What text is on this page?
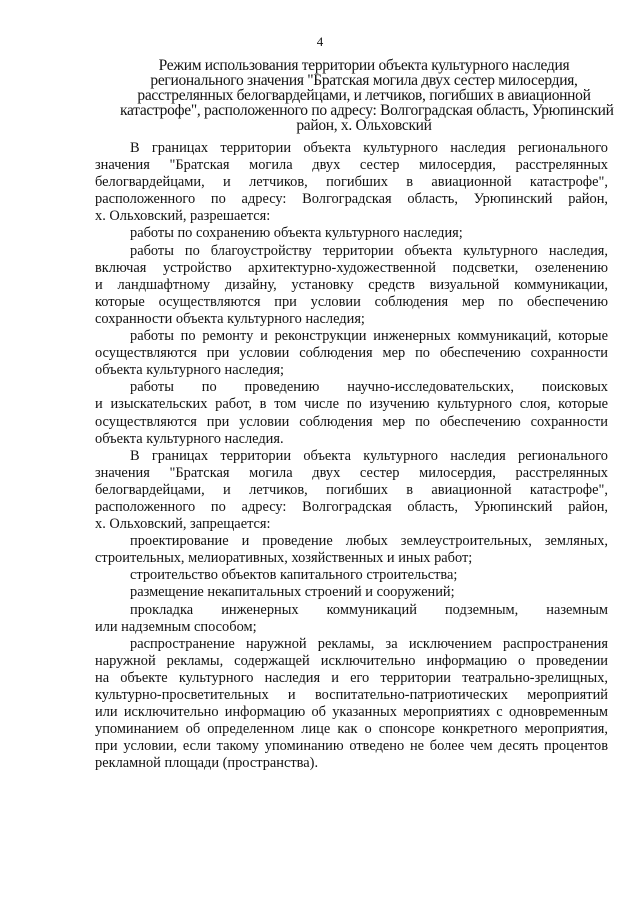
4
Режим использования территории объекта культурного наследия
регионального значения "Братская могила двух сестер милосердия,
расстрелянных белогвардейцами, и летчиков, погибших в авиационной
катастрофе", расположенного по адресу: Волгоградская область, Урюпинский
район, х. Ольховский
В границах территории объекта культурного наследия регионального
значения "Братская могила двух сестер милосердия, расстрелянных
белогвардейцами, и летчиков, погибших в авиационной катастрофе",
расположенного по адресу: Волгоградская область, Урюпинский район,
х. Ольховский, разрешается:
работы по сохранению объекта культурного наследия;
работы по благоустройству территории объекта культурного наследия,
включая устройство архитектурно-художественной подсветки, озеленению
и ландшафтному дизайну, установку средств визуальной коммуникации,
которые осуществляются при условии соблюдения мер по обеспечению
сохранности объекта культурного наследия;
работы по ремонту и реконструкции инженерных коммуникаций, которые
осуществляются при условии соблюдения мер по обеспечению сохранности
объекта культурного наследия;
работы по проведению научно-исследовательских, поисковых
и изыскательских работ, в том числе по изучению культурного слоя, которые
осуществляются при условии соблюдения мер по обеспечению сохранности
объекта культурного наследия.
В границах территории объекта культурного наследия регионального
значения "Братская могила двух сестер милосердия, расстрелянных
белогвардейцами, и летчиков, погибших в авиационной катастрофе",
расположенного по адресу: Волгоградская область, Урюпинский район,
х. Ольховский, запрещается:
проектирование и проведение любых землеустроительных, земляных,
строительных, мелиоративных, хозяйственных и иных работ;
строительство объектов капитального строительства;
размещение некапитальных строений и сооружений;
прокладка инженерных коммуникаций подземным, наземным
или надземным способом;
распространение наружной рекламы, за исключением распространения
наружной рекламы, содержащей исключительно информацию о проведении
на объекте культурного наследия и его территории театрально-зрелищных,
культурно-просветительных и воспитательно-патриотических мероприятий
или исключительно информацию об указанных мероприятиях с одновременным
упоминанием об определенном лице как о спонсоре конкретного мероприятия,
при условии, если такому упоминанию отведено не более чем десять процентов
рекламной площади (пространства).
